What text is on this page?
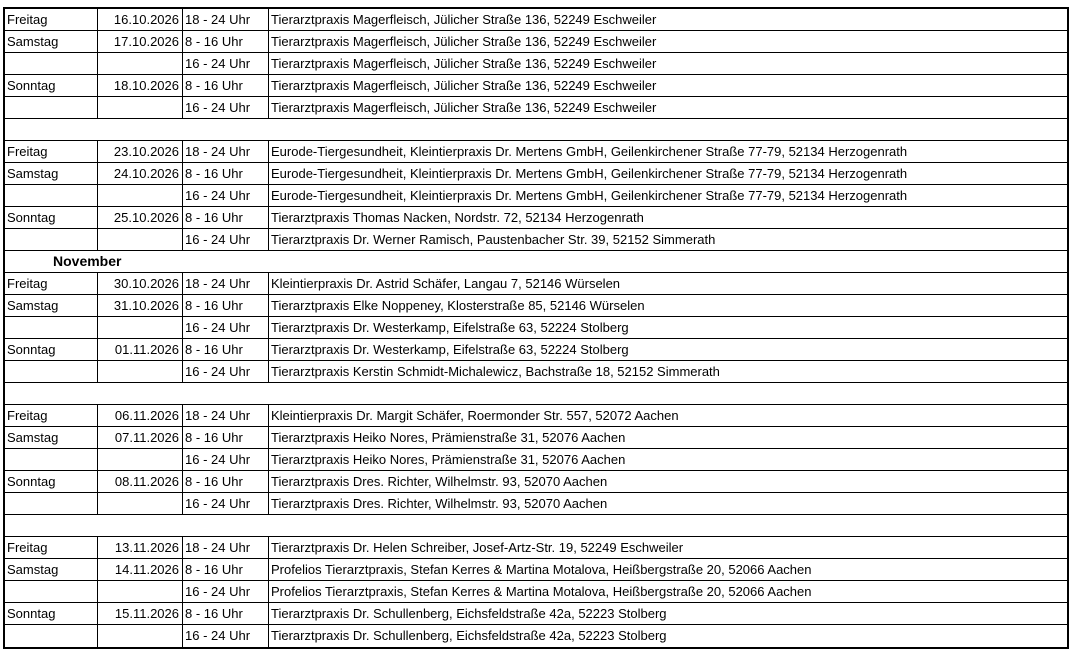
Freitag	16.10.2026 18 - 24 Uhr	Tierarztpraxis Magerfleisch, Jülicher Straße 136, 52249 Eschweiler
Samstag	17.10.2026 8 - 16 Uhr	Tierarztpraxis Magerfleisch, Jülicher Straße 136, 52249 Eschweiler
16 - 24 Uhr	Tierarztpraxis Magerfleisch, Jülicher Straße 136, 52249 Eschweiler
Sonntag	18.10.2026 8 - 16 Uhr	Tierarztpraxis Magerfleisch, Jülicher Straße 136, 52249 Eschweiler
16 - 24 Uhr	Tierarztpraxis Magerfleisch, Jülicher Straße 136, 52249 Eschweiler
Freitag	23.10.2026 18 - 24 Uhr	Eurode-Tiergesundheit, Kleintierpraxis Dr. Mertens GmbH, Geilenkirchener Straße 77-79, 52134 Herzogenrath
Samstag	24.10.2026 8 - 16 Uhr	Eurode-Tiergesundheit, Kleintierpraxis Dr. Mertens GmbH, Geilenkirchener Straße 77-79, 52134 Herzogenrath
16 - 24 Uhr	Eurode-Tiergesundheit, Kleintierpraxis Dr. Mertens GmbH, Geilenkirchener Straße 77-79, 52134 Herzogenrath
Sonntag	25.10.2026 8 - 16 Uhr	Tierarztpraxis Thomas Nacken, Nordstr. 72, 52134 Herzogenrath
16 - 24 Uhr	Tierarztpraxis Dr. Werner Ramisch, Paustenbacher Str. 39, 52152 Simmerath
November
Freitag	30.10.2026 18 - 24 Uhr	Kleintierpraxis Dr. Astrid Schäfer, Langau 7, 52146 Würselen
Samstag	31.10.2026 8 - 16 Uhr	Tierarztpraxis Elke Noppeney, Klosterstraße 85, 52146 Würselen
16 - 24 Uhr	Tierarztpraxis Dr. Westerkamp, Eifelstraße 63, 52224 Stolberg
Sonntag	01.11.2026 8 - 16 Uhr	Tierarztpraxis Dr. Westerkamp, Eifelstraße 63, 52224 Stolberg
16 - 24 Uhr	Tierarztpraxis Kerstin Schmidt-Michalewicz, Bachstraße 18, 52152 Simmerath
Freitag	06.11.2026 18 - 24 Uhr	Kleintierpraxis Dr. Margit Schäfer, Roermonder Str. 557, 52072 Aachen
Samstag	07.11.2026 8 - 16 Uhr	Tierarztpraxis Heiko Nores, Prämienstraße 31, 52076 Aachen
16 - 24 Uhr	Tierarztpraxis Heiko Nores, Prämienstraße 31, 52076 Aachen
Sonntag	08.11.2026 8 - 16 Uhr	Tierarztpraxis Dres. Richter, Wilhelmstr. 93, 52070 Aachen
16 - 24 Uhr	Tierarztpraxis Dres. Richter, Wilhelmstr. 93, 52070 Aachen
Freitag	13.11.2026 18 - 24 Uhr	Tierarztpraxis Dr. Helen Schreiber, Josef-Artz-Str. 19, 52249 Eschweiler
Samstag	14.11.2026 8 - 16 Uhr	Profelios Tierarztpraxis, Stefan Kerres & Martina Motalova, Heißbergstraße 20, 52066 Aachen
16 - 24 Uhr	Profelios Tierarztpraxis, Stefan Kerres & Martina Motalova, Heißbergstraße 20, 52066 Aachen
Sonntag	15.11.2026 8 - 16 Uhr	Tierarztpraxis Dr. Schullenberg, Eichsfeldstraße 42a, 52223 Stolberg
16 - 24 Uhr	Tierarztpraxis Dr. Schullenberg, Eichsfeldstraße 42a, 52223 Stolberg
